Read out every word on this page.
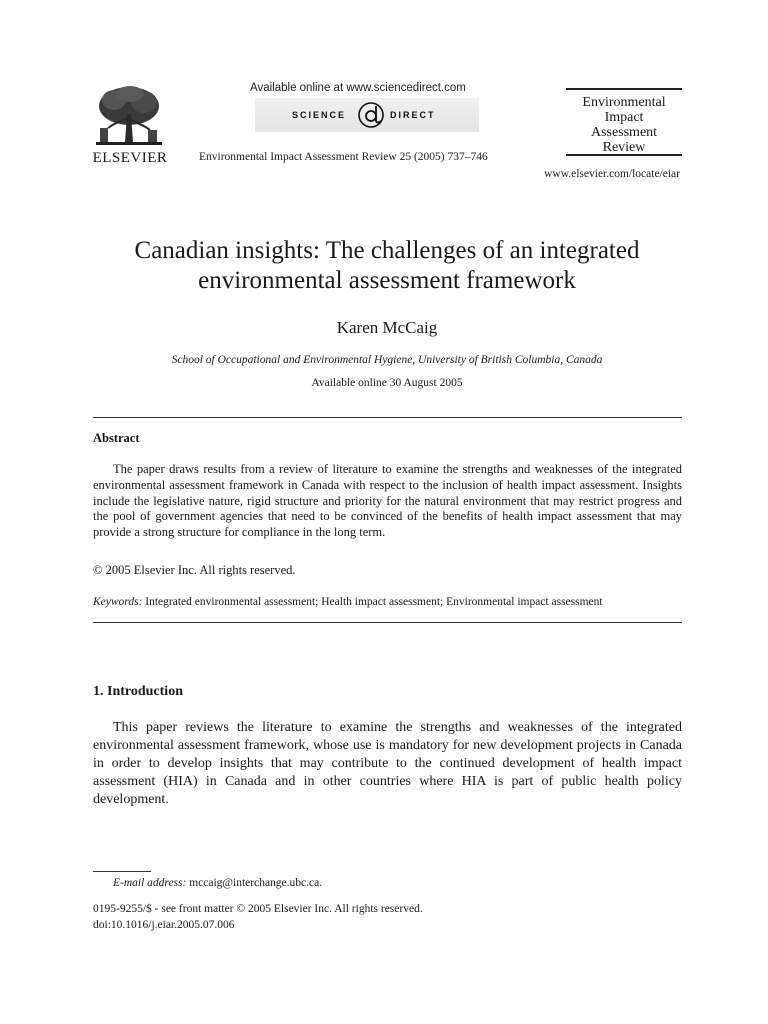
ELSEVIER
Available online at www.sciencedirect.com
SCIENCE	DIRECT
Environmental Impact Assessment Review 25 (2005) 737–746
Environmental
Impact
Assessment
Review
www.elsevier.com/locate/eiar
Canadian insights: The challenges of an integrated
environmental assessment framework
Karen McCaig
School of Occupational and Environmental Hygiene, University of British Columbia, Canada
Available online 30 August 2005
Abstract
The paper draws results from a review of literature to examine the strengths and weaknesses of the integrated environmental assessment framework in Canada with respect to the inclusion of health impact assessment. Insights include the legislative nature, rigid structure and priority for the natural environment that may restrict progress and the pool of government agencies that need to be convinced of the benefits of health impact assessment that may provide a strong structure for compliance in the long term.
© 2005 Elsevier Inc. All rights reserved.
Keywords: Integrated environmental assessment; Health impact assessment; Environmental impact assessment
1. Introduction
This paper reviews the literature to examine the strengths and weaknesses of the integrated environmental assessment framework, whose use is mandatory for new development projects in Canada in order to develop insights that may contribute to the continued development of health impact assessment (HIA) in Canada and in other countries where HIA is part of public health policy development.
E-mail address: mccaig@interchange.ubc.ca.
0195-9255/$ - see front matter © 2005 Elsevier Inc. All rights reserved.
doi:10.1016/j.eiar.2005.07.006
